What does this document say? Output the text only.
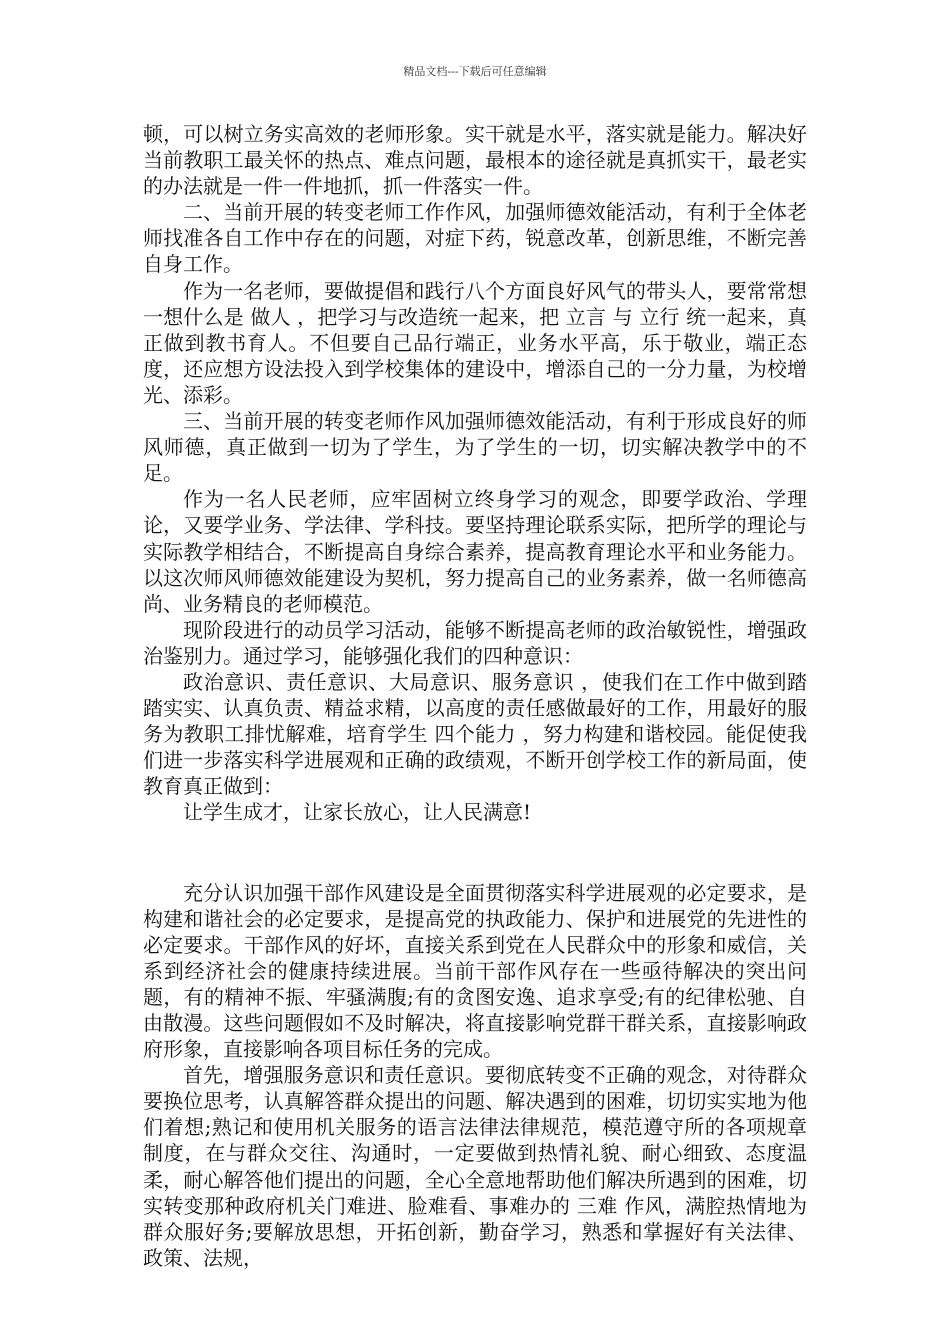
精品文档---下载后可任意编辑

顿，可以树立务实高效的老师形象。实干就是水平，落实就是能力。解决好当前教职工最关怀的热点、难点问题，最根本的途径就是真抓实干，最老实的办法就是一件一件地抓，抓一件落实一件。

二、当前开展的转变老师工作作风，加强师德效能活动，有利于全体老师找准各自工作中存在的问题，对症下药，锐意改革，创新思维，不断完善自身工作。

作为一名老师，要做提倡和践行八个方面良好风气的带头人，要常常想一想什么是 做人 ，把学习与改造统一起来，把 立言 与 立行 统一起来，真正做到教书育人。不但要自己品行端正，业务水平高，乐于敬业，端正态度，还应想方设法投入到学校集体的建设中，增添自己的一分力量，为校增光、添彩。

三、当前开展的转变老师作风加强师德效能活动，有利于形成良好的师风师德，真正做到一切为了学生，为了学生的一切，切实解决教学中的不足。

作为一名人民老师，应牢固树立终身学习的观念，即要学政治、学理论，又要学业务、学法律、学科技。要坚持理论联系实际，把所学的理论与实际教学相结合，不断提高自身综合素养，提高教育理论水平和业务能力。以这次师风师德效能建设为契机，努力提高自己的业务素养，做一名师德高尚、业务精良的老师模范。

现阶段进行的动员学习活动，能够不断提高老师的政治敏锐性，增强政治鉴别力。通过学习，能够强化我们的四种意识：

政治意识、责任意识、大局意识、服务意识 ，使我们在工作中做到踏踏实实、认真负责、精益求精，以高度的责任感做最好的工作，用最好的服务为教职工排忧解难，培育学生 四个能力 ，努力构建和谐校园。能促使我们进一步落实科学进展观和正确的政绩观，不断开创学校工作的新局面，使教育真正做到：

让学生成才，让家长放心，让人民满意!

充分认识加强干部作风建设是全面贯彻落实科学进展观的必定要求，是构建和谐社会的必定要求，是提高党的执政能力、保护和进展党的先进性的必定要求。干部作风的好坏，直接关系到党在人民群众中的形象和威信，关系到经济社会的健康持续进展。当前干部作风存在一些亟待解决的突出问题，有的精神不振、牢骚满腹;有的贪图安逸、追求享受;有的纪律松驰、自由散漫。这些问题假如不及时解决，将直接影响党群干群关系，直接影响政府形象，直接影响各项目标任务的完成。

首先，增强服务意识和责任意识。要彻底转变不正确的观念，对待群众要换位思考，认真解答群众提出的问题、解决遇到的困难，切切实实地为他们着想;熟记和使用机关服务的语言法律法律规范，模范遵守所的各项规章制度，在与群众交往、沟通时，一定要做到热情礼貌、耐心细致、态度温柔，耐心解答他们提出的问题，全心全意地帮助他们解决所遇到的困难，切实转变那种政府机关门难进、脸难看、事难办的 三难 作风，满腔热情地为群众服好务;要解放思想，开拓创新，勤奋学习，熟悉和掌握好有关法律、政策、法规，
